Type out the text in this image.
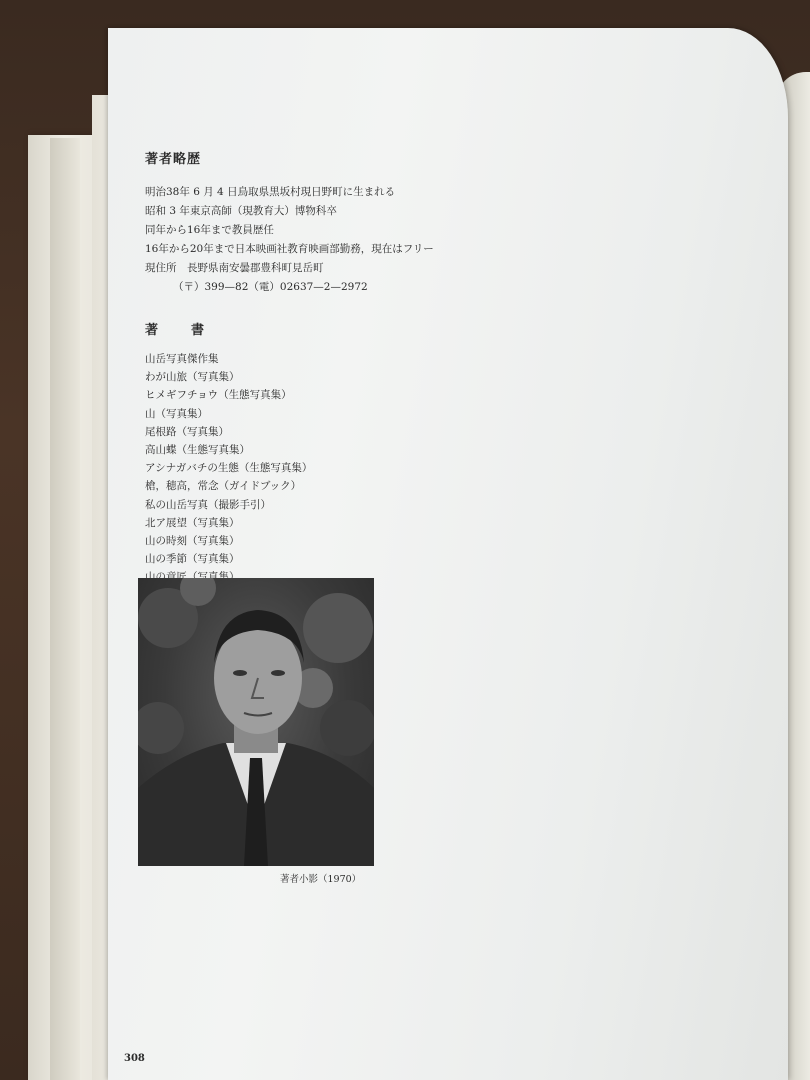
著者略歴
明治38年 6 月 4 日鳥取県黒坂村現日野町に生まれる
昭和 3 年東京高師（現教育大）博物科卒
同年から16年まで教員歴任
16年から20年まで日本映画社教育映画部勤務，現在はフリー
現住所　長野県南安曇郡豊科町見岳町
（〒）399—82（電）02637—2—2972
著　書
山岳写真傑作集
わが山旅（写真集）
ヒメギフチョウ（生態写真集）
山（写真集）
尾根路（写真集）
高山蝶（生態写真集）
アシナガバチの生態（生態写真集）
槍，穂高，常念（ガイドブック）
私の山岳写真（撮影手引）
北ア展望（写真集）
山の時刻（写真集）
山の季節（写真集）
著者小影（1970）
308
